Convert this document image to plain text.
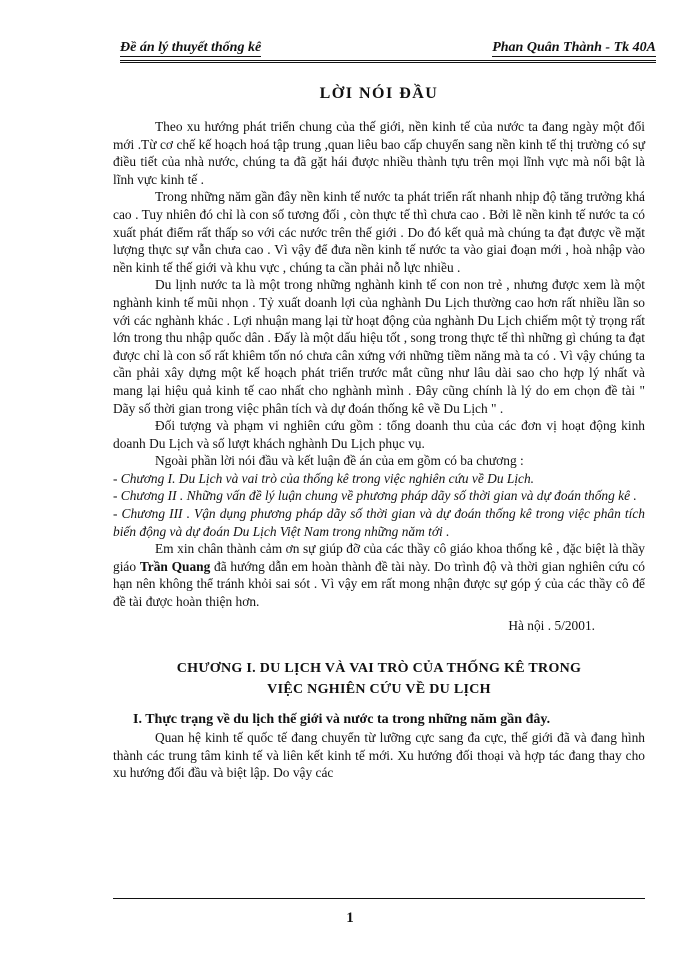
Đề án lý thuyết thống kê	Phan Quân Thành - Tk 40A
LỜI NÓI ĐẦU

Theo xu hướng phát triển chung của thế giới, nền kinh tế của nước ta đang ngày một đổi mới .Từ cơ chế kế hoạch hoá tập trung ,quan liêu bao cấp chuyển sang nền kinh tế thị trường có sự điều tiết của nhà nước, chúng ta đã gặt hái được nhiều thành tựu trên mọi lĩnh vực mà nổi bật là lĩnh vực kinh tế .

Trong những năm gần đây nền kinh tế nước ta phát triển rất nhanh nhịp độ tăng trưởng khá cao . Tuy nhiên đó chỉ là con số tương đối , còn thực tế thì chưa cao . Bởi lẽ nền kinh tế nước ta có xuất phát điểm rất thấp so với các nước trên thế giới . Do đó kết quả mà chúng ta đạt được về mặt lượng thực sự vẫn chưa cao . Vì vậy để đưa nền kinh tế nước ta vào giai đoạn mới , hoà nhập vào nền kinh tế thế giới và khu vực , chúng ta cần phải nỗ lực nhiều .

Du lịnh nước ta là một trong những nghành kinh tế con non trẻ , nhưng được xem là một nghành kinh tế mũi nhọn . Tỷ xuất doanh lợi của nghành Du Lịch thường cao hơn rất nhiều lần so với các nghành khác . Lợi nhuận mang lại từ hoạt động của nghành Du Lịch chiếm một tỷ trọng rất lớn trong thu nhập quốc dân . Đấy là một dấu hiệu tốt , song trong thực tế thì những gì chúng ta đạt được chỉ là con số rất khiêm tốn nó chưa cân xứng với những tiềm năng mà ta có . Vì vậy chúng ta cần phải xây dựng một kế hoạch phát triển trước mắt cũng như lâu dài sao cho hợp lý nhất và mang lại hiệu quả kinh tế cao nhất cho nghành mình . Đây cũng chính là lý do em chọn đề tài " Dãy số thời gian trong việc phân tích và dự đoán thống kê về Du Lịch " .

Đối tượng và phạm vi nghiên cứu gồm : tổng doanh thu của các đơn vị hoạt động kinh doanh Du Lịch và số lượt khách nghành Du Lịch phục vụ.

Ngoài phần lời nói đầu và kết luận đề án của em gồm có ba chương :

- Chương I. Du Lịch và vai trò của thống kê trong việc nghiên cứu về Du Lịch.

- Chương II . Những vấn đề lý luận chung về phương pháp dãy số thời gian và dự đoán thống kê .

- Chương III . Vận dụng phương pháp dãy số thời gian và dự đoán thống kê trong việc phân tích biến động và dự đoán Du Lịch Việt Nam trong những năm tới .

Em xin chân thành cảm ơn sự giúp đỡ của các thầy cô giáo khoa thống kê , đặc biệt là thầy giáo Trần Quang đã hướng dẫn em hoàn thành đề tài này. Do trình độ và thời gian nghiên cứu có hạn nên không thể tránh khỏi sai sót . Vì vậy em rất mong nhận được sự góp ý của các thầy cô để đề tài được hoàn thiện hơn.

Hà nội . 5/2001.
CHƯƠNG I. DU LỊCH VÀ VAI TRÒ CỦA THỐNG KÊ TRONG
VIỆC NGHIÊN CỨU VỀ DU LỊCH
I. Thực trạng về du lịch thế giới và nước ta trong những năm gần đây.

Quan hệ kinh tế quốc tế đang chuyển từ lưỡng cực sang đa cực, thế giới đã và đang hình thành các trung tâm kinh tế và liên kết kinh tế mới. Xu hướng đối thoại và hợp tác đang thay cho xu hướng đối đầu và biệt lập. Do vậy các

1
